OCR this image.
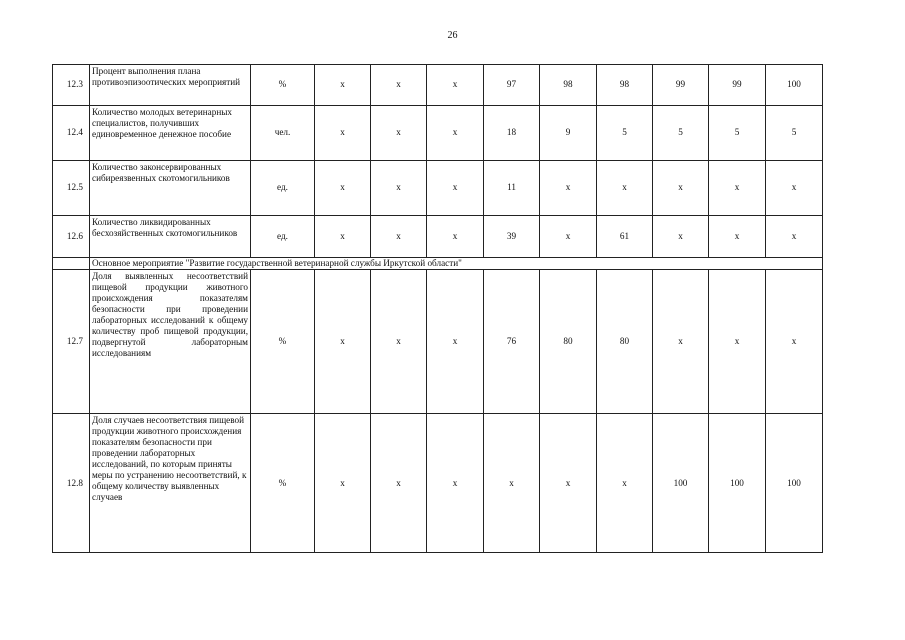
26
12.3	Процент выполнения плана противоэпизоотических мероприятий	%	х	х	х	97	98	98	99	99	100
12.4	Количество молодых ветеринарных специалистов, получивших единовременное денежное пособие	чел.	х	х	х	18	9	5	5	5	5
12.5	Количество законсервированных сибиреязвенных скотомогильников	ед.	х	х	х	11	х	х	х	х	х
12.6	Количество ликвидированных бесхозяйственных скотомогильников	ед.	х	х	х	39	х	61	х	х	х
	Основное мероприятие "Развитие государственной ветеринарной службы Иркутской области"										
12.7	Доля выявленных несоответствий пищевой продукции животного происхождения показателям безопасности при проведении лабораторных исследований к общему количеству проб пищевой продукции, подвергнутой лабораторным исследованиям	%	х	х	х	76	80	80	х	х	х
12.8	Доля случаев несоответствия пищевой продукции животного происхождения показателям безопасности при проведении лабораторных исследований, по которым приняты меры по устранению несоответствий, к общему количеству выявленных случаев	%	х	х	х	х	х	х	100	100	100
